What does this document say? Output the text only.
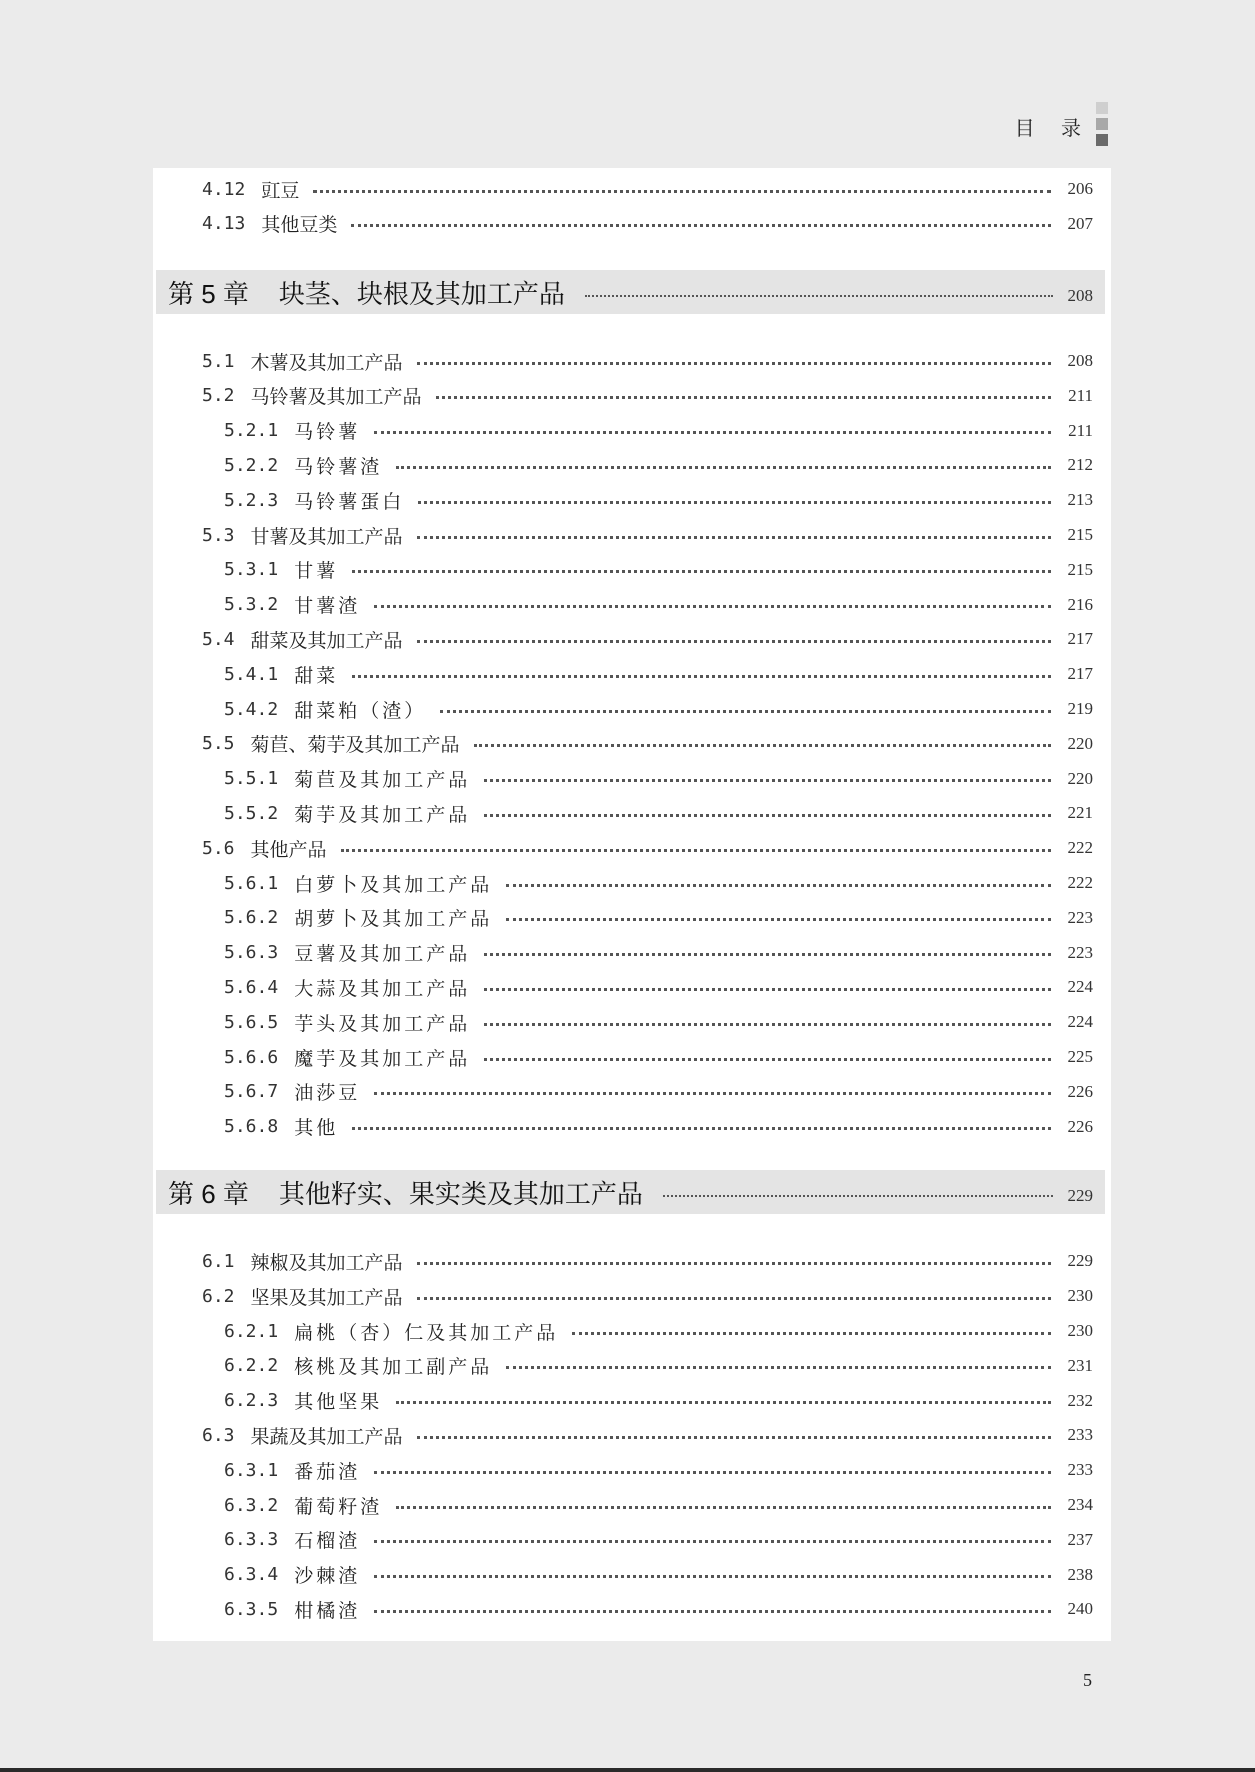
目 录
4.12 豇豆	206
4.13 其他豆类	207
第 5 章 块茎、块根及其加工产品	208
5.1 木薯及其加工产品	208
5.2 马铃薯及其加工产品	211
5.2.1 马铃薯	211
5.2.2 马铃薯渣	212
5.2.3 马铃薯蛋白	213
5.3 甘薯及其加工产品	215
5.3.1 甘薯	215
5.3.2 甘薯渣	216
5.4 甜菜及其加工产品	217
5.4.1 甜菜	217
5.4.2 甜菜粕（渣）	219
5.5 菊苣、菊芋及其加工产品	220
5.5.1 菊苣及其加工产品	220
5.5.2 菊芋及其加工产品	221
5.6 其他产品	222
5.6.1 白萝卜及其加工产品	222
5.6.2 胡萝卜及其加工产品	223
5.6.3 豆薯及其加工产品	223
5.6.4 大蒜及其加工产品	224
5.6.5 芋头及其加工产品	224
5.6.6 魔芋及其加工产品	225
5.6.7 油莎豆	226
5.6.8 其他	226
第 6 章 其他籽实、果实类及其加工产品	229
6.1 辣椒及其加工产品	229
6.2 坚果及其加工产品	230
6.2.1 扁桃（杏）仁及其加工产品	230
6.2.2 核桃及其加工副产品	231
6.2.3 其他坚果	232
6.3 果蔬及其加工产品	233
6.3.1 番茄渣	233
6.3.2 葡萄籽渣	234
6.3.3 石榴渣	237
6.3.4 沙棘渣	238
6.3.5 柑橘渣	240
5
